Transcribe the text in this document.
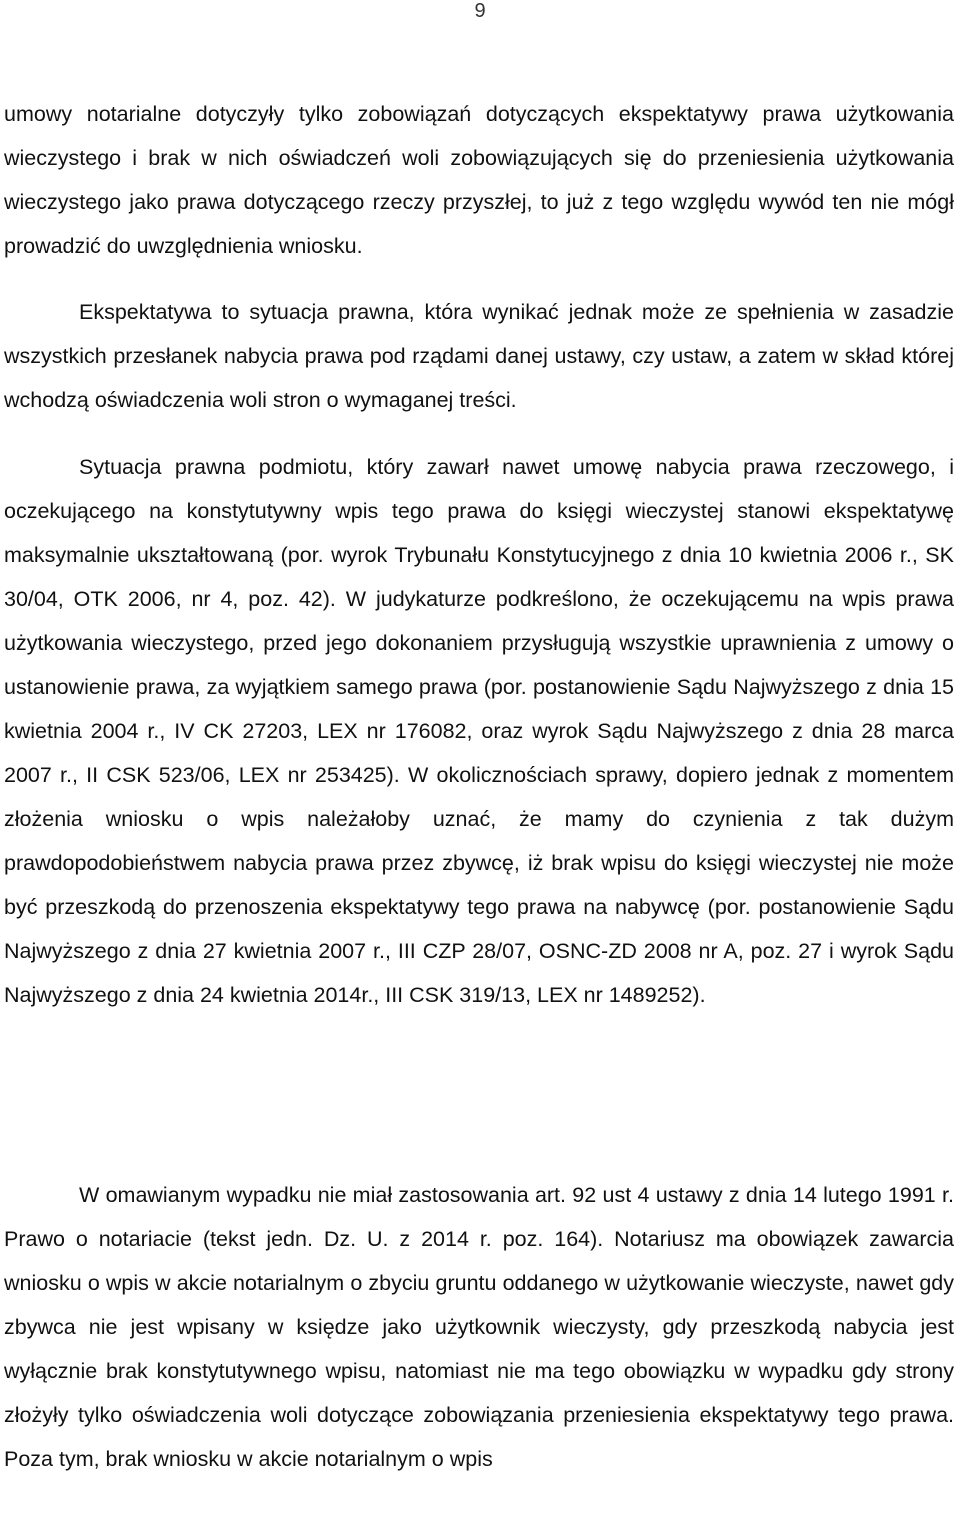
9

umowy notarialne dotyczyły tylko zobowiązań dotyczących ekspektatywy prawa użytkowania wieczystego i brak w nich oświadczeń woli zobowiązujących się do przeniesienia użytkowania wieczystego jako prawa dotyczącego rzeczy przyszłej, to już z tego względu wywód ten nie mógł prowadzić do uwzględnienia wniosku.

Ekspektatywa to sytuacja prawna, która wynikać jednak może ze spełnienia w zasadzie wszystkich przesłanek nabycia prawa pod rządami danej ustawy, czy ustaw, a zatem w skład której wchodzą oświadczenia woli stron o wymaganej treści.

Sytuacja prawna podmiotu, który zawarł nawet umowę nabycia prawa rzeczowego, i oczekującego na konstytutywny wpis tego prawa do księgi wieczystej stanowi ekspektatywę maksymalnie ukształtowaną (por. wyrok Trybunału Konstytucyjnego z dnia 10 kwietnia 2006 r., SK 30/04, OTK 2006, nr 4, poz. 42). W judykaturze podkreślono, że oczekującemu na wpis prawa użytkowania wieczystego, przed jego dokonaniem przysługują wszystkie uprawnienia z umowy o ustanowienie prawa, za wyjątkiem samego prawa (por. postanowienie Sądu Najwyższego z dnia 15 kwietnia 2004 r., IV CK 27203, LEX nr 176082, oraz wyrok Sądu Najwyższego z dnia 28 marca 2007 r., II CSK 523/06, LEX nr 253425). W okolicznościach sprawy, dopiero jednak z momentem złożenia wniosku o wpis należałoby uznać, że mamy do czynienia z tak dużym prawdopodobieństwem nabycia prawa przez zbywcę, iż brak wpisu do księgi wieczystej nie może być przeszkodą do przenoszenia ekspektatywy tego prawa na nabywcę (por. postanowienie Sądu Najwyższego z dnia 27 kwietnia 2007 r., III CZP 28/07, OSNC-ZD 2008 nr A, poz. 27 i wyrok Sądu Najwyższego z dnia 24 kwietnia 2014r., III CSK 319/13, LEX nr 1489252).

W omawianym wypadku nie miał zastosowania art. 92 ust 4 ustawy z dnia 14 lutego 1991 r. Prawo o notariacie (tekst jedn. Dz. U. z 2014 r. poz. 164). Notariusz ma obowiązek zawarcia wniosku o wpis w akcie notarialnym o zbyciu gruntu oddanego w użytkowanie wieczyste, nawet gdy zbywca nie jest wpisany w księdze jako użytkownik wieczysty, gdy przeszkodą nabycia jest wyłącznie brak konstytutywnego wpisu, natomiast nie ma tego obowiązku w wypadku gdy strony złożyły tylko oświadczenia woli dotyczące zobowiązania przeniesienia ekspektatywy tego prawa. Poza tym, brak wniosku w akcie notarialnym o wpis
